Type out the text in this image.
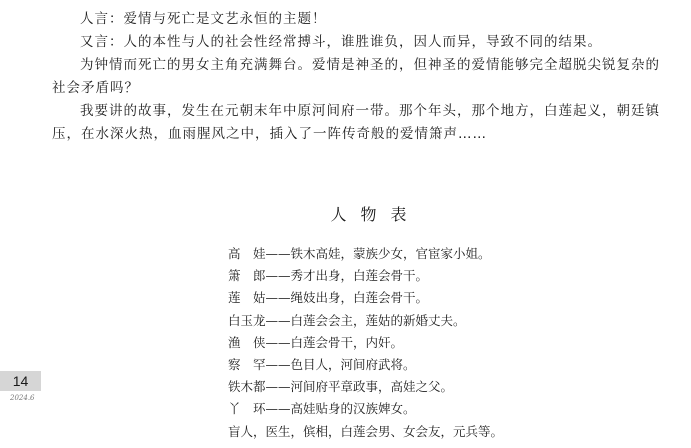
人言：爱情与死亡是文艺永恒的主题！

又言：人的本性与人的社会性经常搏斗，谁胜谁负，因人而异，导致不同的结果。

为钟情而死亡的男女主角充满舞台。爱情是神圣的，但神圣的爱情能够完全超脱尖锐复杂的社会矛盾吗？

我要讲的故事，发生在元朝末年中原河间府一带。那个年头，那个地方，白莲起义，朝廷镇压，在水深火热，血雨腥风之中，插入了一阵传奇般的爱情箫声……

人物表
高　娃——铁木高娃，蒙族少女，官宦家小姐。
箫　郎——秀才出身，白莲会骨干。
莲　姑——绳妓出身，白莲会骨干。
白玉龙——白莲会会主，莲姑的新婚丈夫。
渔　侠——白莲会骨干，内奸。
察　罕——色目人，河间府武将。
铁木都——河间府平章政事，高娃之父。
丫　环——高娃贴身的汉族婢女。
盲人，医生，傧相，白莲会男、女会友，元兵等。
14
2024.6
